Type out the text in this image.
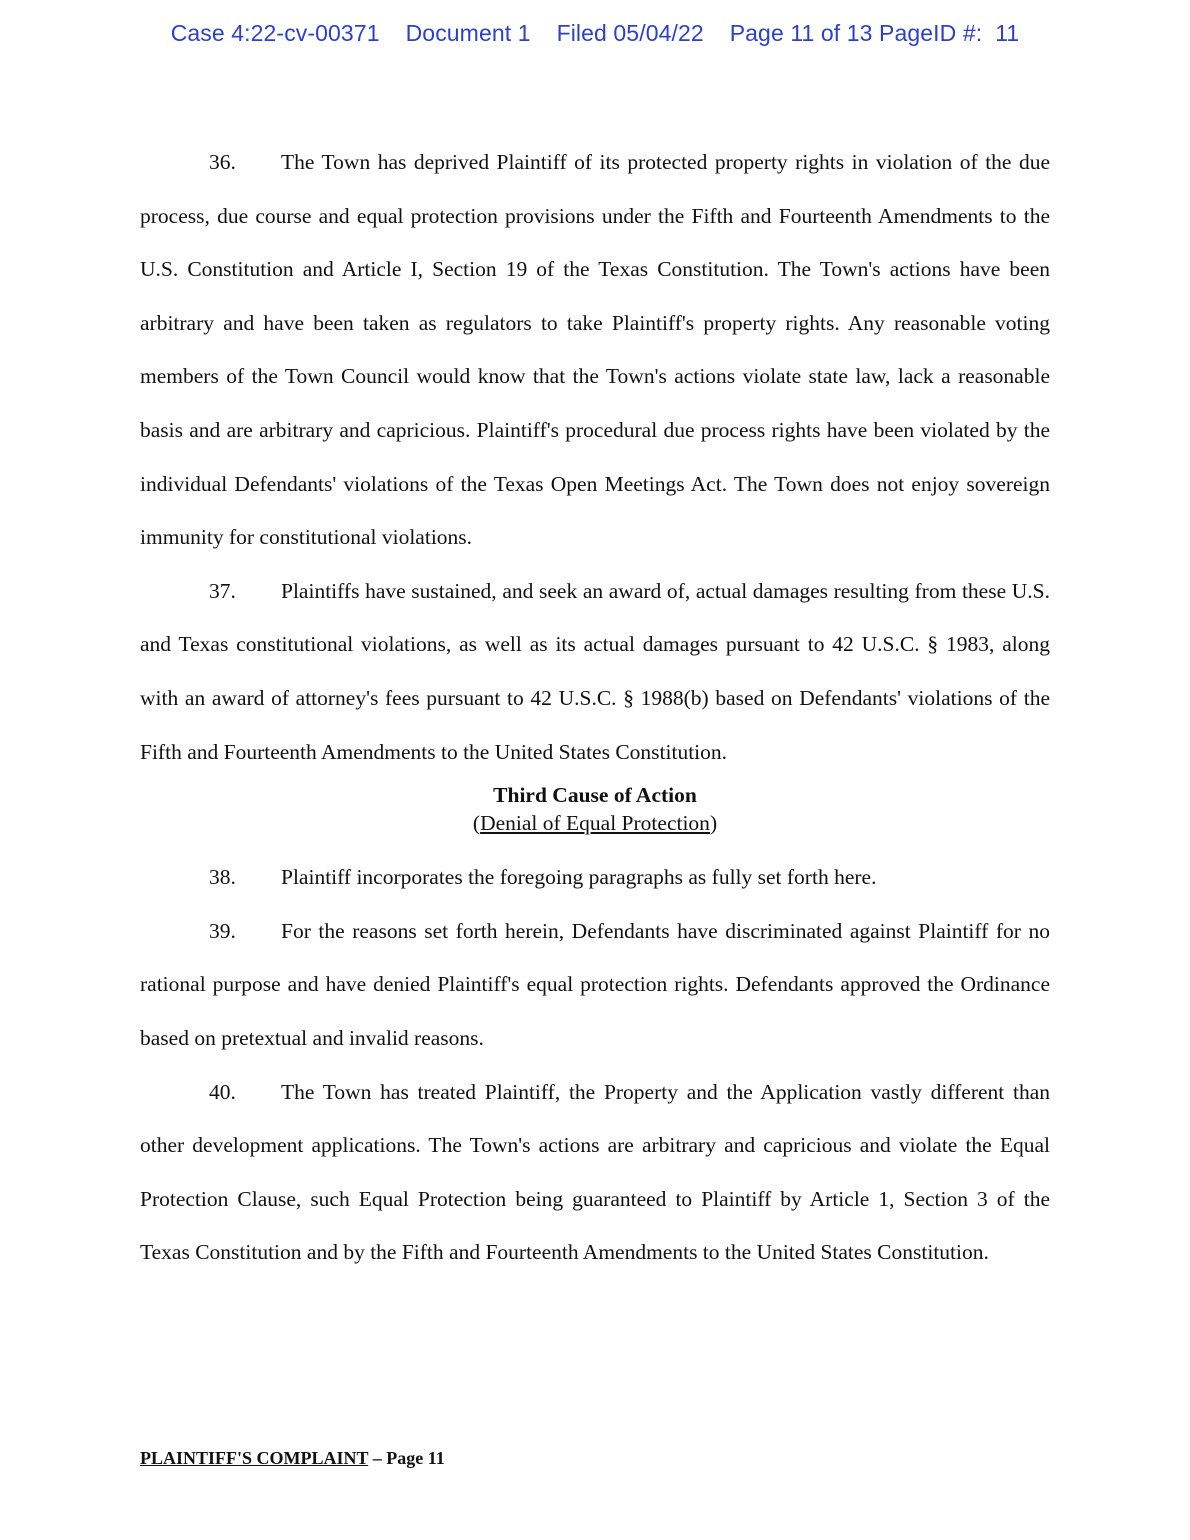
Case 4:22-cv-00371 Document 1 Filed 05/04/22 Page 11 of 13 PageID #:  11

36. The Town has deprived Plaintiff of its protected property rights in violation of the due process, due course and equal protection provisions under the Fifth and Fourteenth Amendments to the U.S. Constitution and Article I, Section 19 of the Texas Constitution. The Town's actions have been arbitrary and have been taken as regulators to take Plaintiff's property rights. Any reasonable voting members of the Town Council would know that the Town's actions violate state law, lack a reasonable basis and are arbitrary and capricious. Plaintiff's procedural due process rights have been violated by the individual Defendants' violations of the Texas Open Meetings Act. The Town does not enjoy sovereign immunity for constitutional violations.

37. Plaintiffs have sustained, and seek an award of, actual damages resulting from these U.S. and Texas constitutional violations, as well as its actual damages pursuant to 42 U.S.C. § 1983, along with an award of attorney's fees pursuant to 42 U.S.C. § 1988(b) based on Defendants' violations of the Fifth and Fourteenth Amendments to the United States Constitution.

Third Cause of Action
(Denial of Equal Protection)

38. Plaintiff incorporates the foregoing paragraphs as fully set forth here.

39. For the reasons set forth herein, Defendants have discriminated against Plaintiff for no rational purpose and have denied Plaintiff's equal protection rights. Defendants approved the Ordinance based on pretextual and invalid reasons.

40. The Town has treated Plaintiff, the Property and the Application vastly different than other development applications. The Town's actions are arbitrary and capricious and violate the Equal Protection Clause, such Equal Protection being guaranteed to Plaintiff by Article 1, Section 3 of the Texas Constitution and by the Fifth and Fourteenth Amendments to the United States Constitution.

PLAINTIFF'S COMPLAINT – Page 11
